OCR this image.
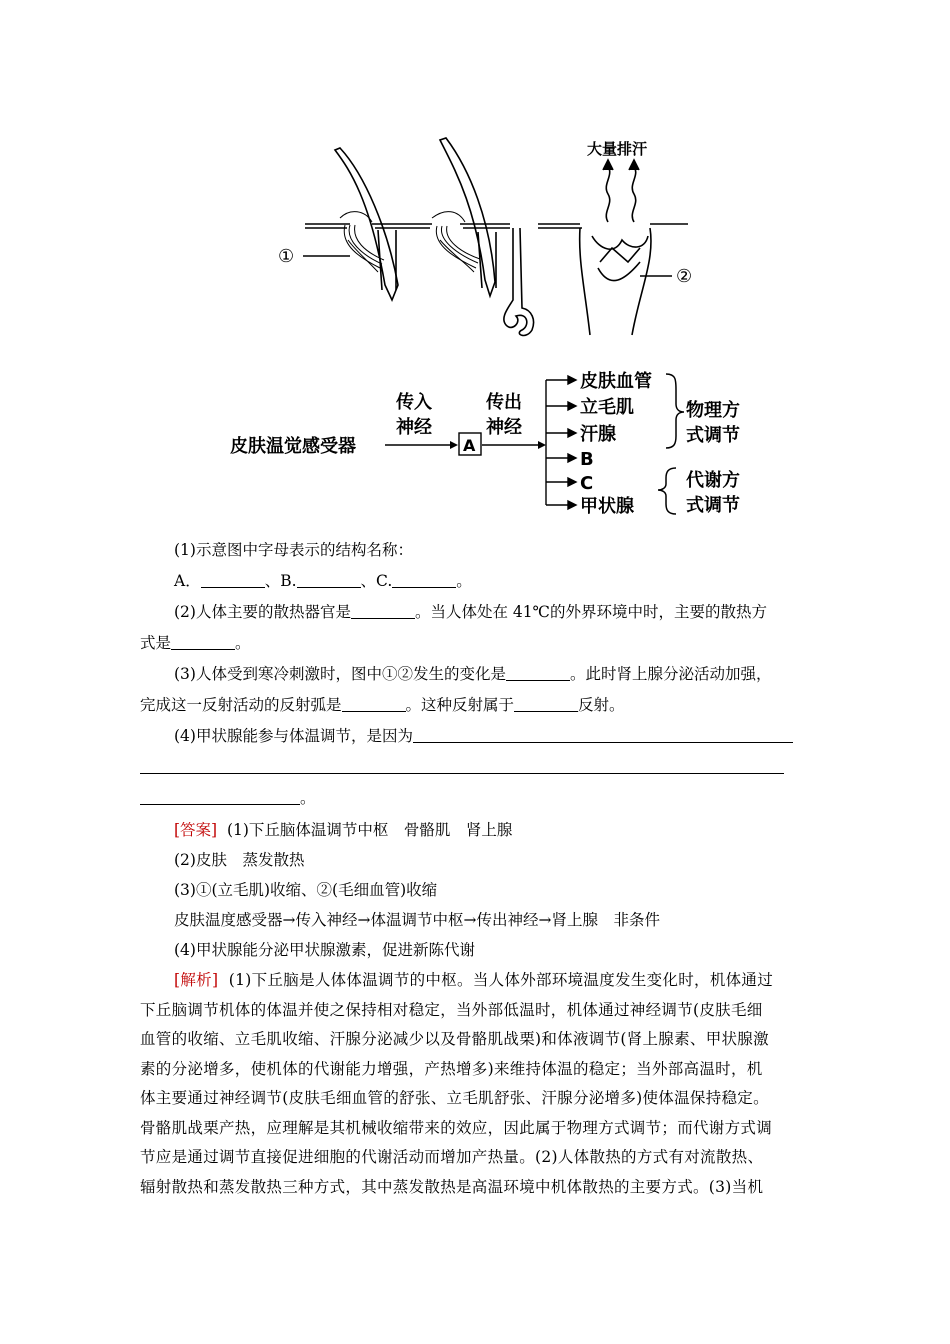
大量排汗
①
②
皮肤温觉感受器
传入
神经
A
传出
神经
皮肤血管
立毛肌
汗腺
B
C
甲状腺
物理方
式调节
代谢方
式调节
(1)示意图中字母表示的结构名称：
A．	、B.	、C.	。
(2)人体主要的散热器官是	。当人体处在 41℃的外界环境中时，主要的散热方
式是	。
(3)人体受到寒冷刺激时，图中①②发生的变化是	。此时肾上腺分泌活动加强，
完成这一反射活动的反射弧是	。这种反射属于	反射。
(4)甲状腺能参与体温调节，是因为
。
[答案] (1)下丘脑体温调节中枢　骨骼肌　肾上腺
(2)皮肤　蒸发散热
(3)①(立毛肌)收缩、②(毛细血管)收缩
皮肤温度感受器→传入神经→体温调节中枢→传出神经→肾上腺　非条件
(4)甲状腺能分泌甲状腺激素，促进新陈代谢
[解析] (1)下丘脑是人体体温调节的中枢。当人体外部环境温度发生变化时，机体通过
下丘脑调节机体的体温并使之保持相对稳定，当外部低温时，机体通过神经调节(皮肤毛细
血管的收缩、立毛肌收缩、汗腺分泌减少以及骨骼肌战栗)和体液调节(肾上腺素、甲状腺激
素的分泌增多，使机体的代谢能力增强，产热增多)来维持体温的稳定；当外部高温时，机
体主要通过神经调节(皮肤毛细血管的舒张、立毛肌舒张、汗腺分泌增多)使体温保持稳定。
骨骼肌战栗产热，应理解是其机械收缩带来的效应，因此属于物理方式调节；而代谢方式调
节应是通过调节直接促进细胞的代谢活动而增加产热量。(2)人体散热的方式有对流散热、
辐射散热和蒸发散热三种方式，其中蒸发散热是高温环境中机体散热的主要方式。(3)当机
